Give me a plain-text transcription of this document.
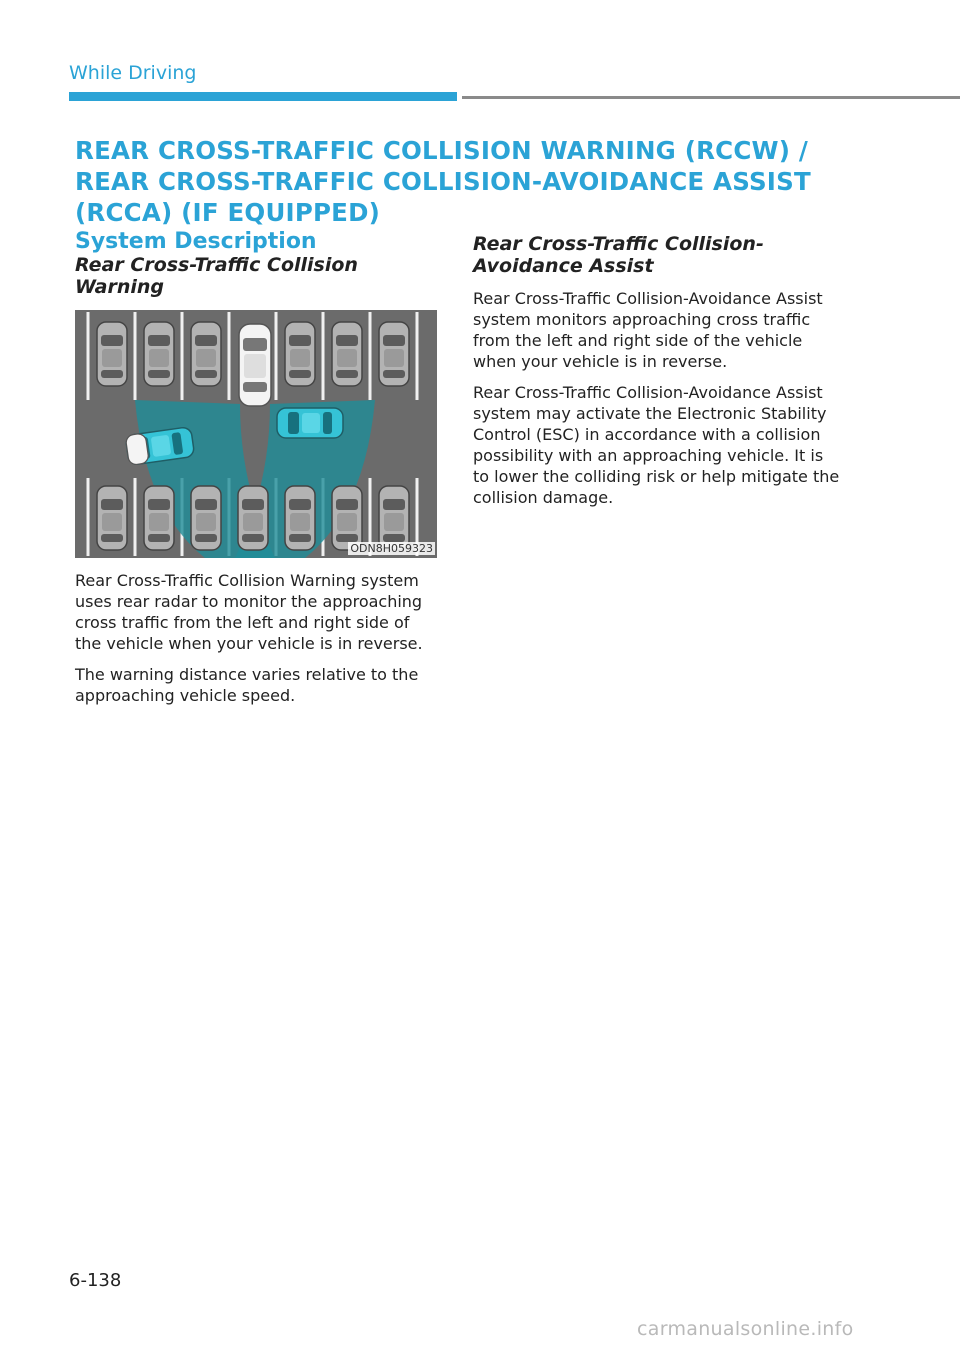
While Driving
REAR CROSS-TRAFFIC COLLISION WARNING (RCCW) / REAR CROSS-TRAFFIC COLLISION-AVOIDANCE ASSIST (RCCA) (IF EQUIPPED)
System Description
Rear Cross-Traffic Collision Warning
ODN8H059323

Rear Cross-Traffic Collision Warning system uses rear radar to monitor the approaching cross traffic from the left and right side of the vehicle when your vehicle is in reverse.

The warning distance varies relative to the approaching vehicle speed.

Rear Cross-Traffic Collision-Avoidance Assist

Rear Cross-Traffic Collision-Avoidance Assist system monitors approaching cross traffic from the left and right side of the vehicle when your vehicle is in reverse.

Rear Cross-Traffic Collision-Avoidance Assist system may activate the Electronic Stability Control (ESC) in accordance with a collision possibility with an approaching vehicle. It is to lower the colliding risk or help mitigate the collision damage.

6-138
carmanualsonline.info
